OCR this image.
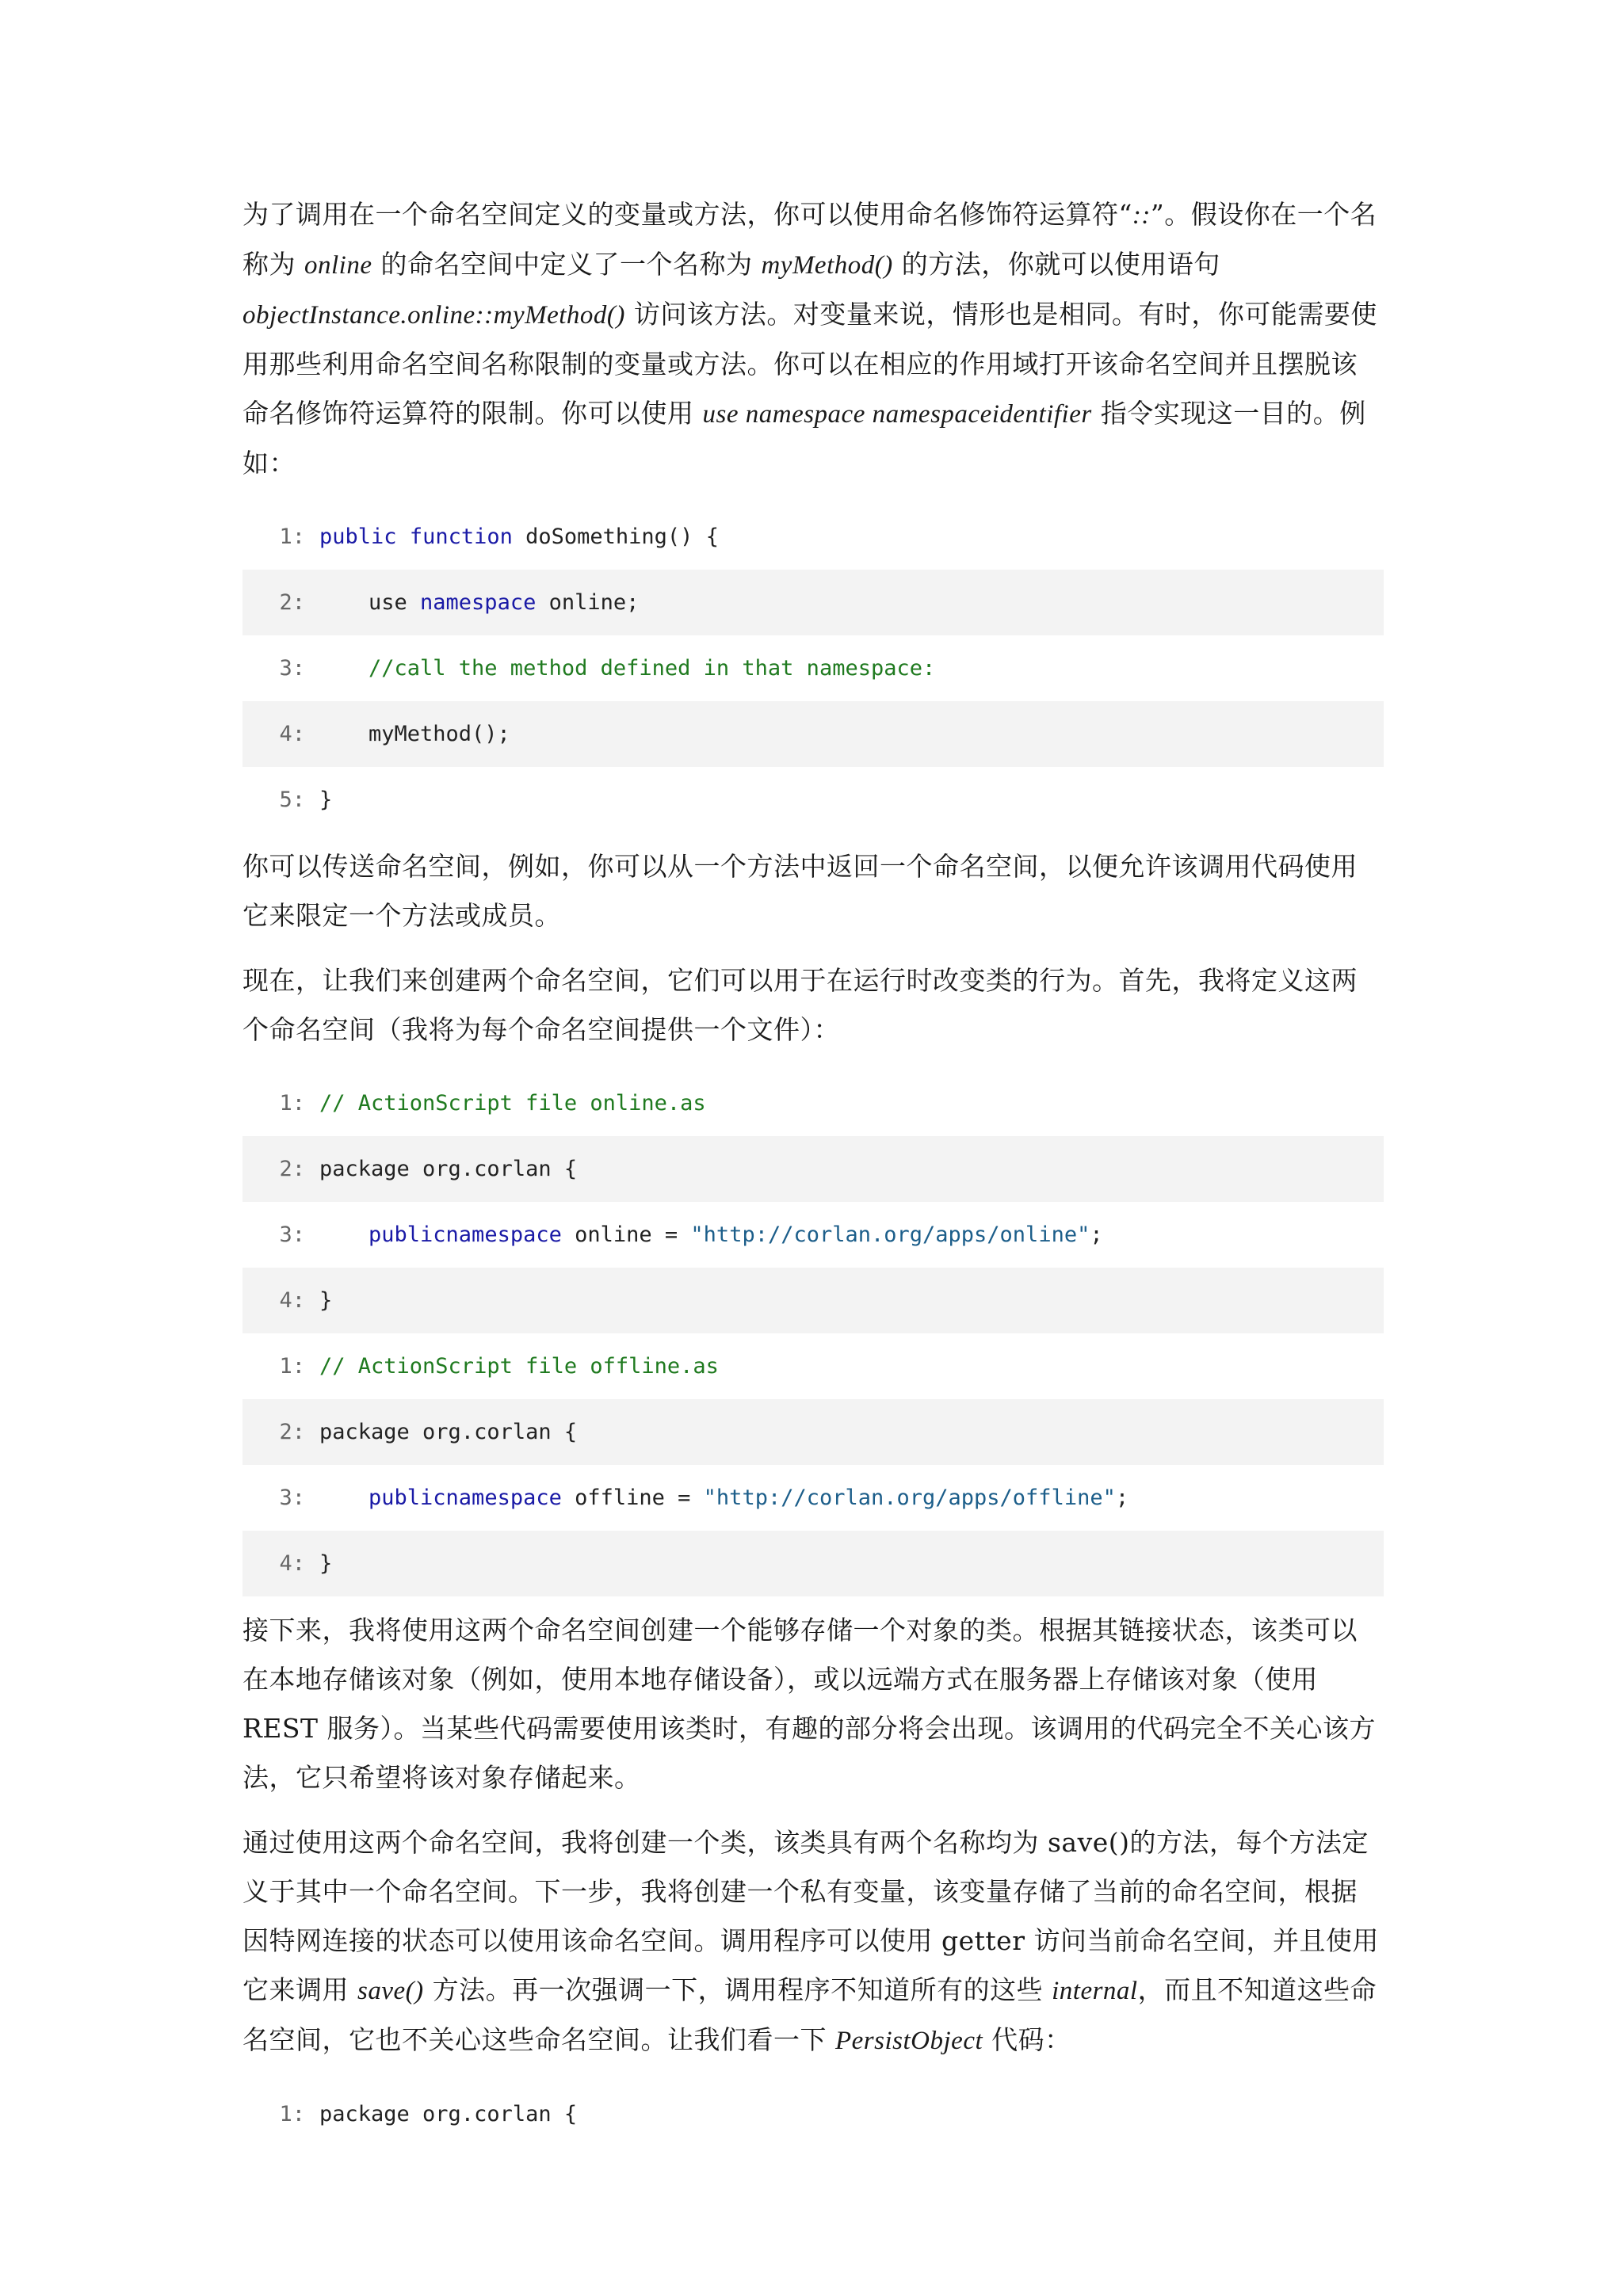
为了调用在一个命名空间定义的变量或方法，你可以使用命名修饰符运算符“::”。假设你在一个名称为 online 的命名空间中定义了一个名称为 myMethod() 的方法，你就可以使用语句 objectInstance.online::myMethod() 访问该方法。对变量来说，情形也是相同。有时，你可能需要使用那些利用命名空间名称限制的变量或方法。你可以在相应的作用域打开该命名空间并且摆脱该命名修饰符运算符的限制。你可以使用 use namespace namespaceidentifier 指令实现这一目的。例如：

1: public
function doSomething() {
2:	use namespace online;
3:	//call the method defined in that namespace:
4:	myMethod();
5: }

你可以传送命名空间，例如，你可以从一个方法中返回一个命名空间，以便允许该调用代码使用它来限定一个方法或成员。

现在，让我们来创建两个命名空间，它们可以用于在运行时改变类的行为。首先，我将定义这两个命名空间（我将为每个命名空间提供一个文件）：

1: // ActionScript file online.as
2: package org.corlan {
3:	public namespace online = "http://corlan.org/apps/online" ;
4: }
1: // ActionScript file offline.as
2: package org.corlan {
3:	public namespace offline = "http://corlan.org/apps/offline" ;
4: }

接下来，我将使用这两个命名空间创建一个能够存储一个对象的类。根据其链接状态，该类可以在本地存储该对象（例如，使用本地存储设备），或以远端方式在服务器上存储该对象（使用 REST 服务）。当某些代码需要使用该类时，有趣的部分将会出现。该调用的代码完全不关心该方法，它只希望将该对象存储起来。

通过使用这两个命名空间，我将创建一个类，该类具有两个名称均为 save()的方法，每个方法定义于其中一个命名空间。下一步，我将创建一个私有变量，该变量存储了当前的命名空间，根据因特网连接的状态可以使用该命名空间。调用程序可以使用 getter 访问当前命名空间，并且使用它来调用 save() 方法。再一次强调一下，调用程序不知道所有的这些 internal，而且不知道这些命名空间，它也不关心这些命名空间。让我们看一下 PersistObject 代码：

1: package org.corlan {
